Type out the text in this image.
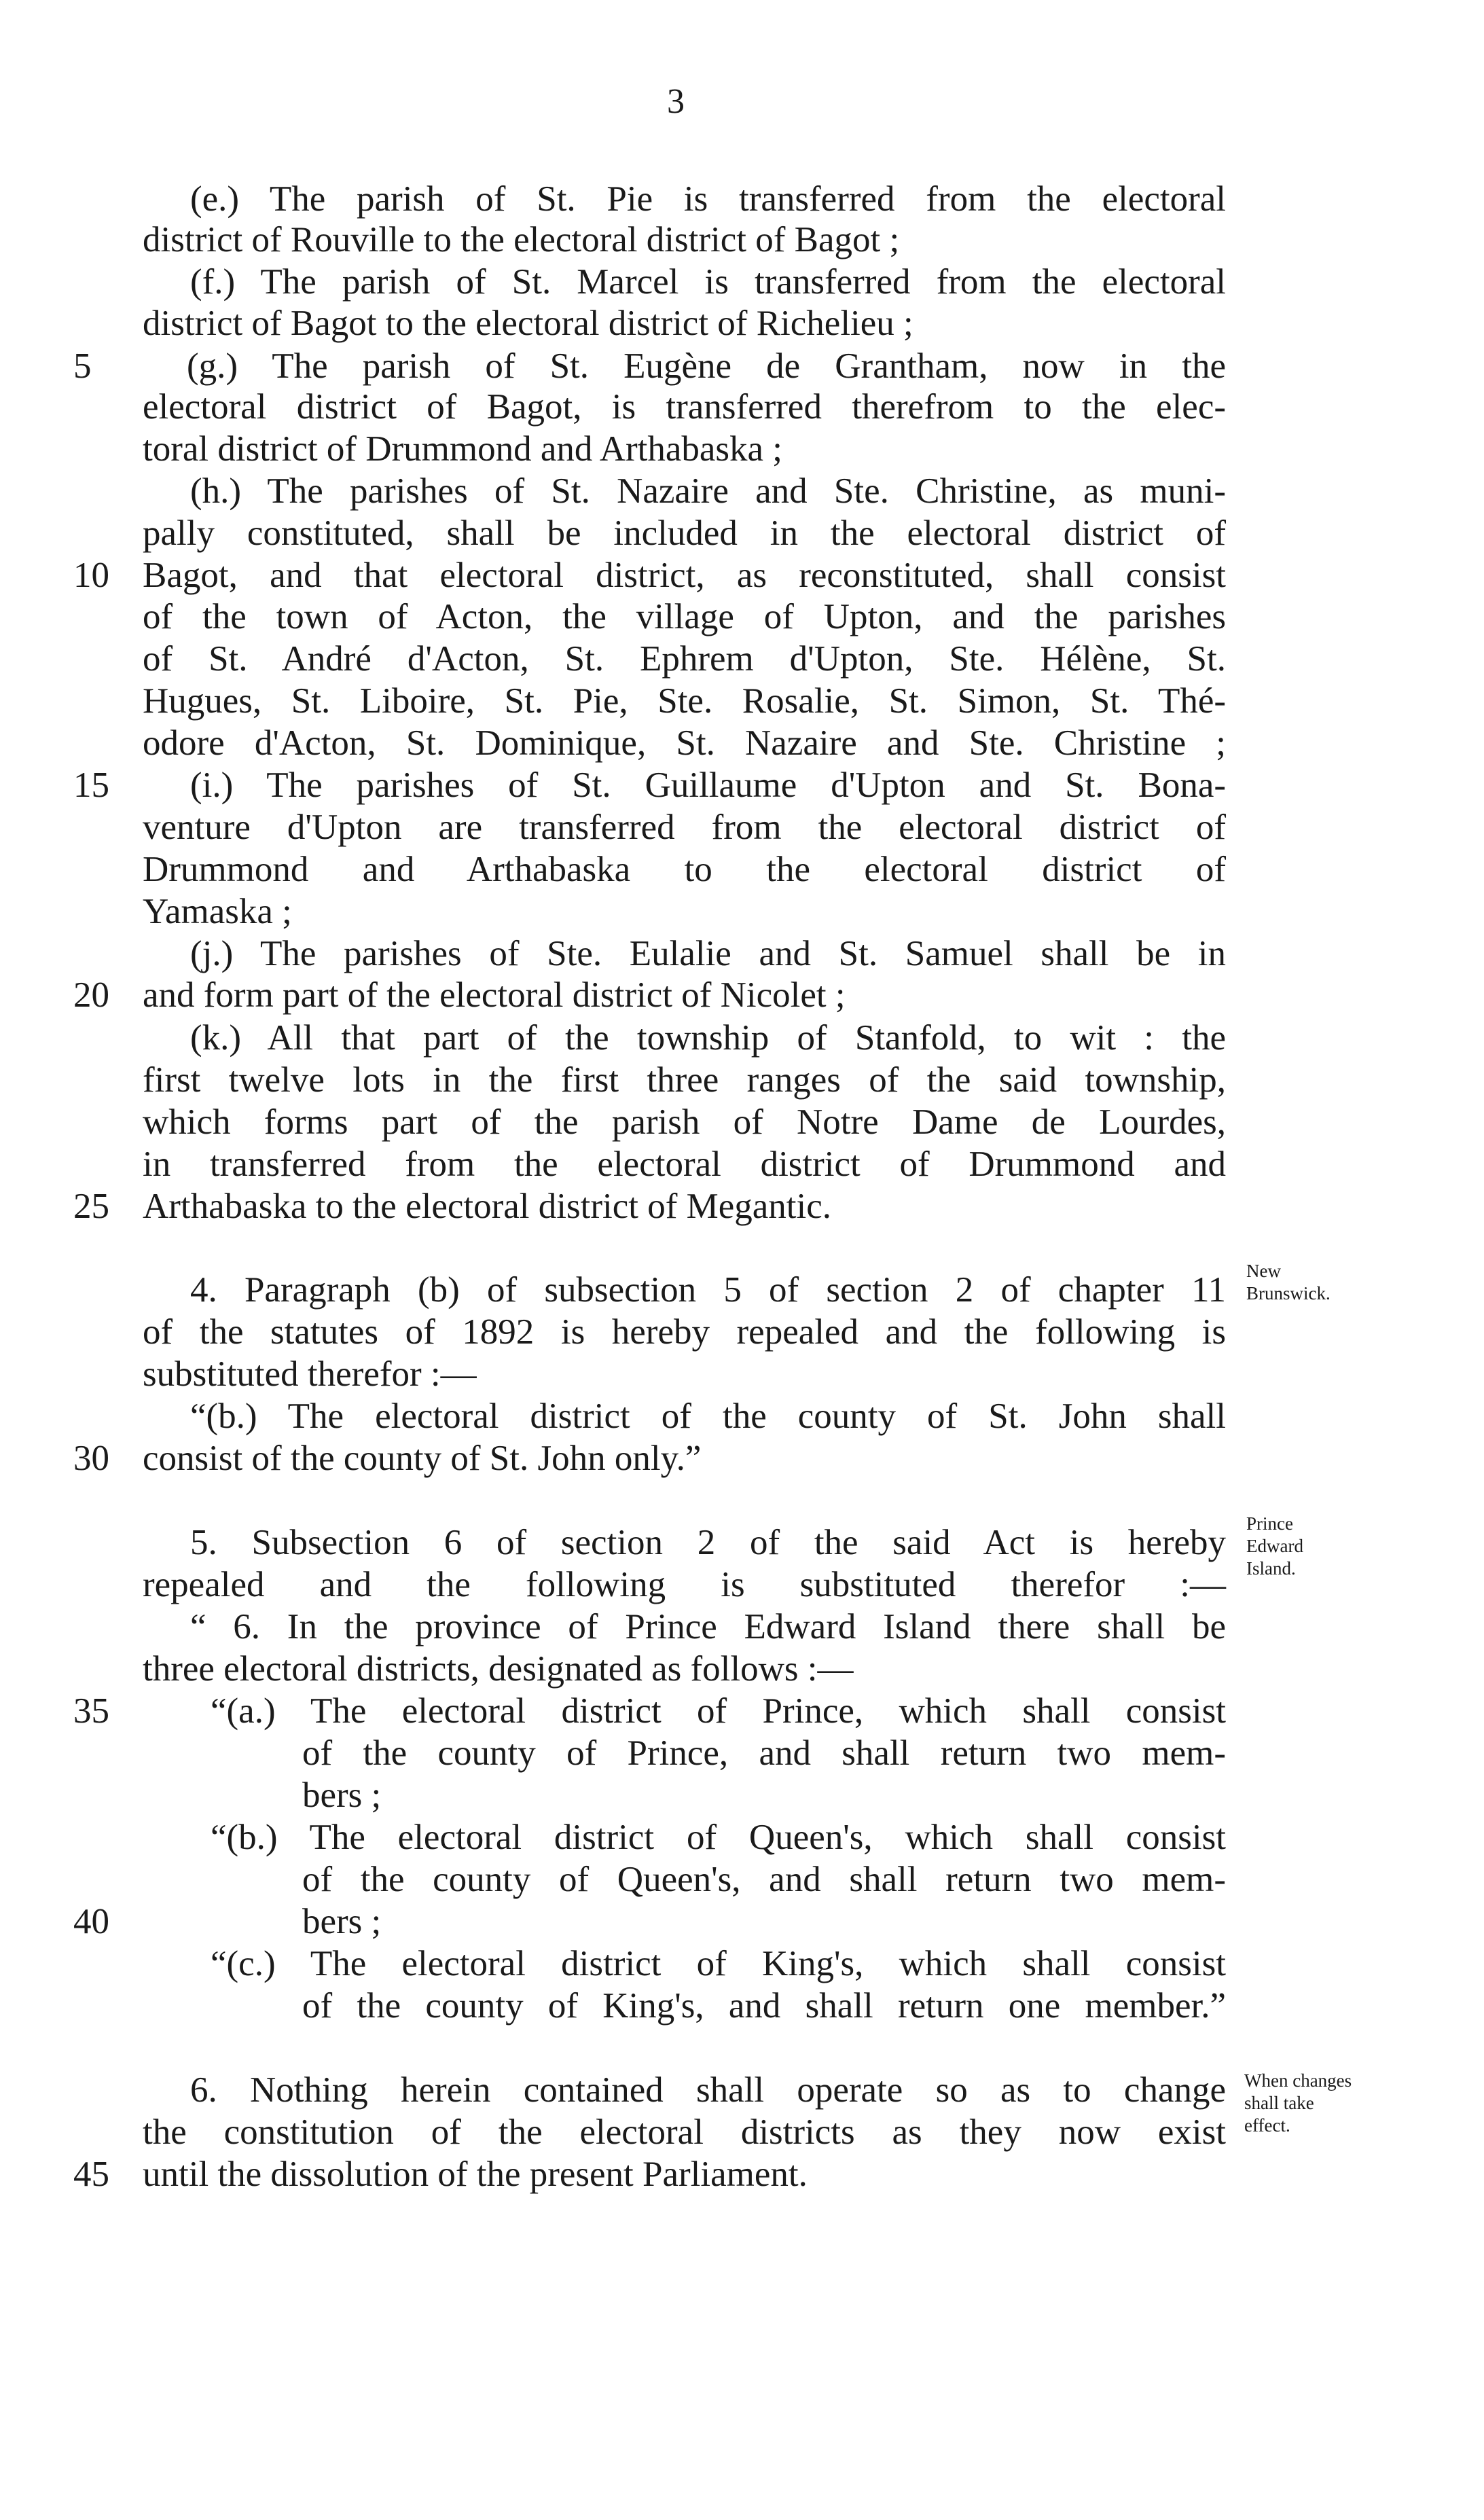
3
(e.) The parish of St. Pie is transferred from the electoral
district of Rouville to the electoral district of Bagot ;
(f.) The parish of St. Marcel is transferred from the electoral
district of Bagot to the electoral district of Richelieu ;
(g.) The parish of St. Eugène de Grantham, now in the
electoral district of Bagot, is transferred therefrom to the elec-
toral district of Drummond and Arthabaska ;
(h.) The parishes of St. Nazaire and Ste. Christine, as muni-
pally constituted, shall be included in the electoral district of
Bagot, and that electoral district, as reconstituted, shall consist
of the town of Acton, the village of Upton, and the parishes
of St. André d'Acton, St. Ephrem d'Upton, Ste. Hélène, St.
Hugues, St. Liboire, St. Pie, Ste. Rosalie, St. Simon, St. Thé-
odore d'Acton, St. Dominique, St. Nazaire and Ste. Christine ;
(i.) The parishes of St. Guillaume d'Upton and St. Bona-
venture d'Upton are transferred from the electoral district of
Drummond and Arthabaska to the electoral district of
Yamaska ;
(j.) The parishes of Ste. Eulalie and St. Samuel shall be in
and form part of the electoral district of Nicolet ;
(k.) All that part of the township of Stanfold, to wit : the
first twelve lots in the first three ranges of the said township,
which forms part of the parish of Notre Dame de Lourdes,
in transferred from the electoral district of Drummond and
Arthabaska to the electoral district of Megantic.
4. Paragraph (b) of subsection 5 of section 2 of chapter 11
of the statutes of 1892 is hereby repealed and the following is
substituted therefor :—
“(b.) The electoral district of the county of St. John shall
consist of the county of St. John only.”
5. Subsection 6 of section 2 of the said Act is hereby
repealed and the following is substituted therefor :—
“ 6. In the province of Prince Edward Island there shall be
three electoral districts, designated as follows :—
“(a.) The electoral district of Prince, which shall consist
of the county of Prince, and shall return two mem-
bers ;
“(b.) The electoral district of Queen's, which shall consist
of the county of Queen's, and shall return two mem-
bers ;
“(c.) The electoral district of King's, which shall consist
of the county of King's, and shall return one member.”
6. Nothing herein contained shall operate so as to change
the constitution of the electoral districts as they now exist
until the dissolution of the present Parliament.
5
10
15
20
25
30
35
40
45
New
Brunswick.
Prince
Edward
Island.
When changes
shall take
effect.
